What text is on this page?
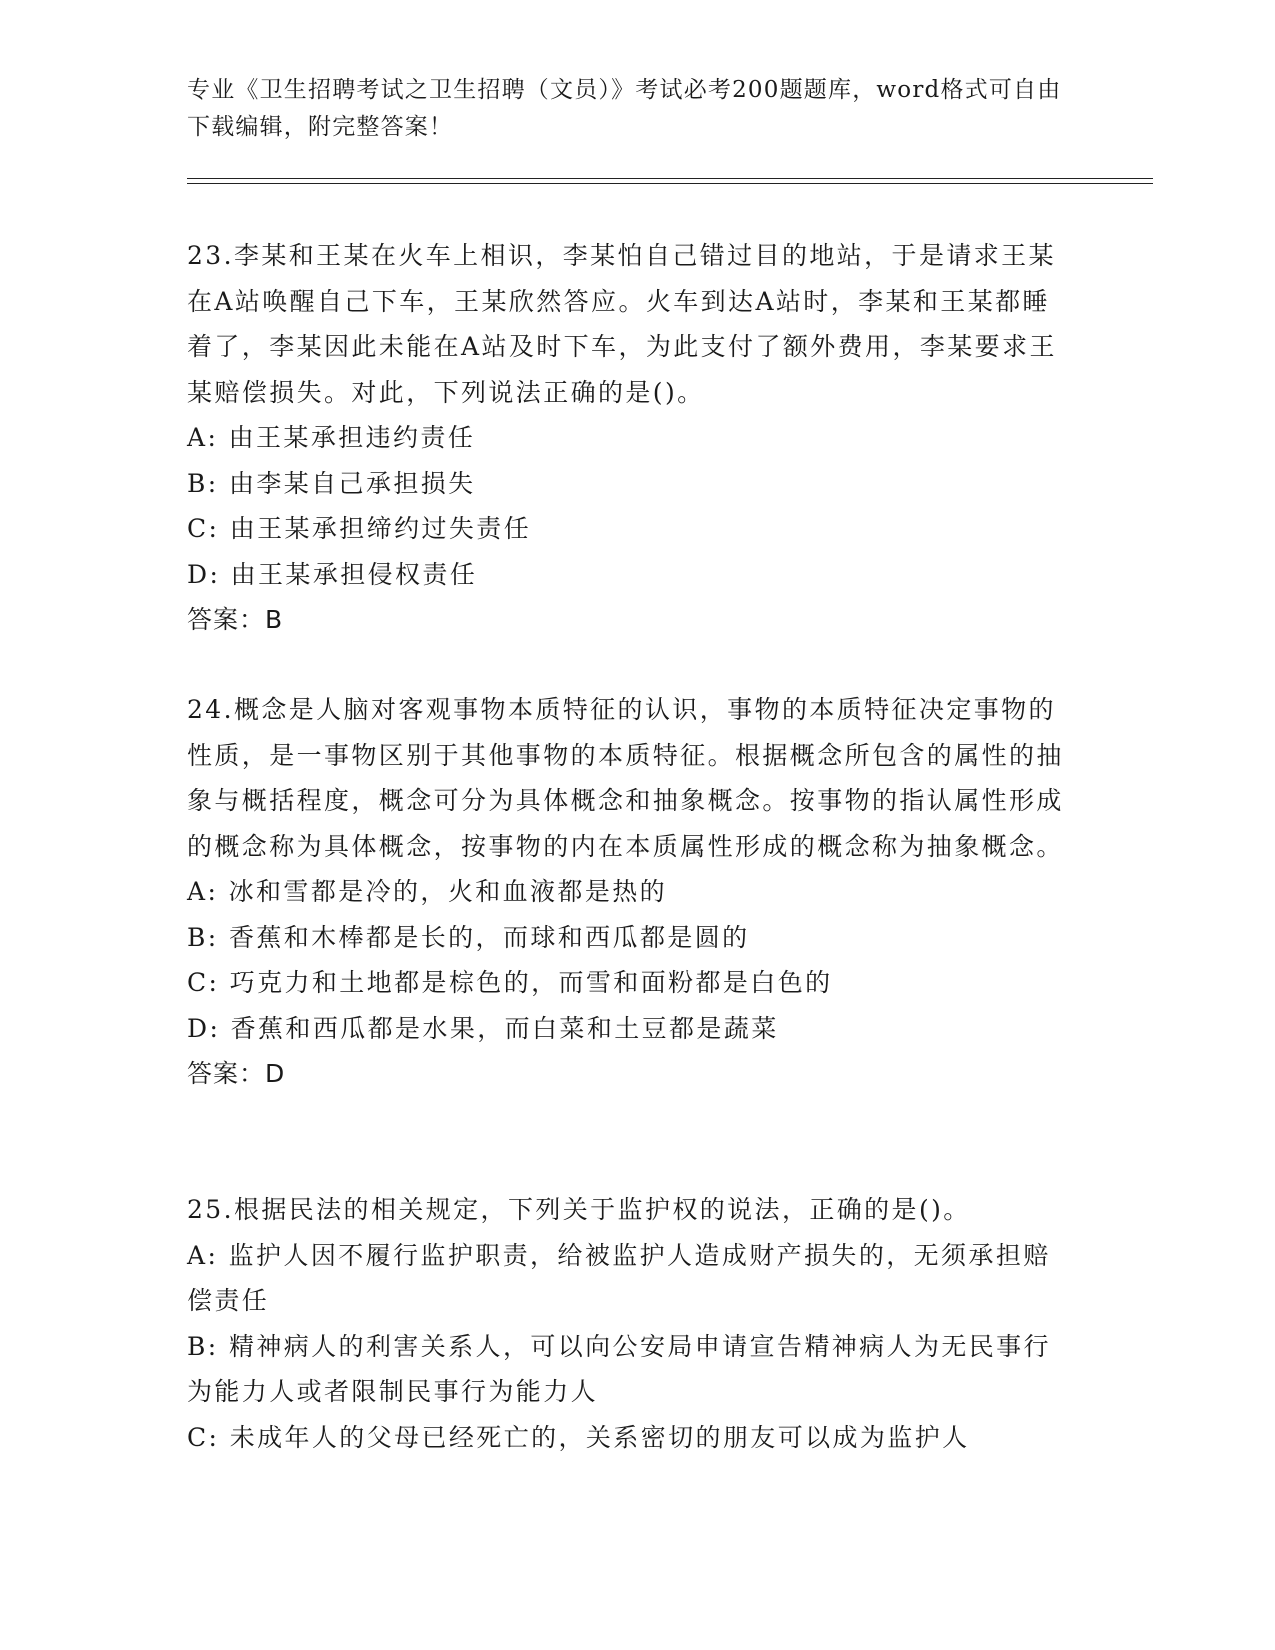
专业《卫生招聘考试之卫生招聘（文员）》考试必考200题题库，word格式可自由下载编辑，附完整答案！

23.李某和王某在火车上相识，李某怕自己错过目的地站，于是请求王某在A站唤醒自己下车，王某欣然答应。火车到达A站时，李某和王某都睡着了，李某因此未能在A站及时下车，为此支付了额外费用，李某要求王某赔偿损失。对此，下列说法正确的是()。

A: 由王某承担违约责任

B: 由李某自己承担损失

C: 由王某承担缔约过失责任

D: 由王某承担侵权责任

答案：B

24.概念是人脑对客观事物本质特征的认识，事物的本质特征决定事物的性质，是一事物区别于其他事物的本质特征。根据概念所包含的属性的抽象与概括程度，概念可分为具体概念和抽象概念。按事物的指认属性形成的概念称为具体概念，按事物的内在本质属性形成的概念称为抽象概念。

A: 冰和雪都是冷的，火和血液都是热的

B: 香蕉和木棒都是长的，而球和西瓜都是圆的

C: 巧克力和土地都是棕色的，而雪和面粉都是白色的

D: 香蕉和西瓜都是水果，而白菜和土豆都是蔬菜

答案：D

25.根据民法的相关规定，下列关于监护权的说法，正确的是()。

A: 监护人因不履行监护职责，给被监护人造成财产损失的，无须承担赔偿责任

B: 精神病人的利害关系人，可以向公安局申请宣告精神病人为无民事行为能力人或者限制民事行为能力人

C: 未成年人的父母已经死亡的，关系密切的朋友可以成为监护人
